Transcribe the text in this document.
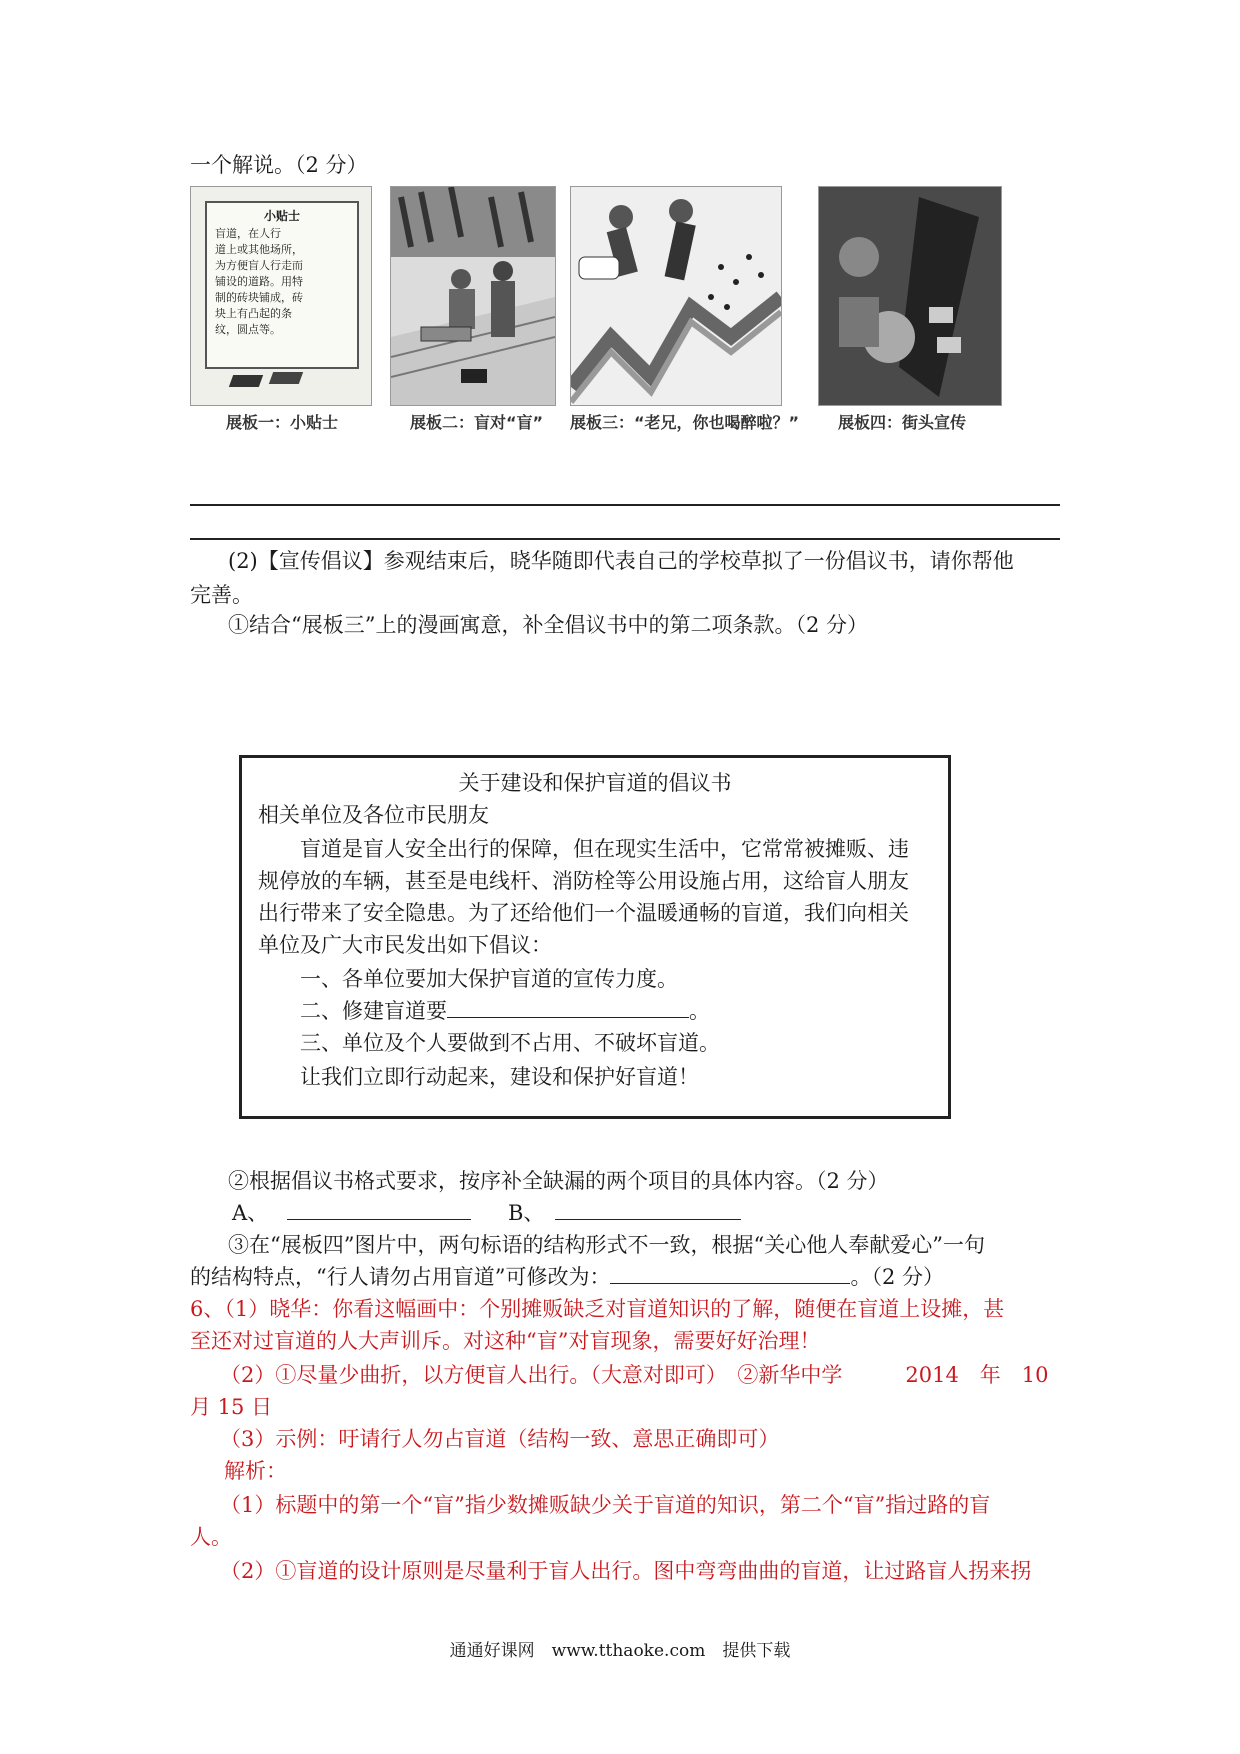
一个解说。（2 分）
小贴士
盲道，在人行
道上或其他场所，
为方便盲人行走而
铺设的道路。用特
制的砖块铺成，砖
块上有凸起的条
纹，圆点等。
展板一：小贴士	展板二：盲对“盲” 展板三：“老兄，你也喝醉啦？” 展板四：街头宣传
(2)【宣传倡议】参观结束后，晓华随即代表自己的学校草拟了一份倡议书，请你帮他
完善。
①结合“展板三”上的漫画寓意，补全倡议书中的第二项条款。（2 分）
关于建设和保护盲道的倡议书
相关单位及各位市民朋友
盲道是盲人安全出行的保障，但在现实生活中，它常常被摊贩、违
规停放的车辆，甚至是电线杆、消防栓等公用设施占用，这给盲人朋友
出行带来了安全隐患。为了还给他们一个温暖通畅的盲道，我们向相关
单位及广大市民发出如下倡议：
一、各单位要加大保护盲道的宣传力度。
二、修建盲道要	。
三、单位及个人要做到不占用、不破坏盲道。
让我们立即行动起来，建设和保护好盲道！
②根据倡议书格式要求，按序补全缺漏的两个项目的具体内容。（2 分）
A、	B、
③在“展板四”图片中，两句标语的结构形式不一致，根据“关心他人奉献爱心”一句
的结构特点，“行人请勿占用盲道”可修改为：	。（2 分）
6、（1）晓华：你看这幅画中：个别摊贩缺乏对盲道知识的了解，随便在盲道上设摊，甚
至还对过盲道的人大声训斥。对这种“盲”对盲现象，需要好好治理！
（2）①尽量少曲折，以方便盲人出行。（大意对即可）　②新华中学　　　2014　年　10
月 15 日
（3）示例：吁请行人勿占盲道（结构一致、意思正确即可）
解析：
（1）标题中的第一个“盲”指少数摊贩缺少关于盲道的知识，第二个“盲”指过路的盲
人。
（2）①盲道的设计原则是尽量利于盲人出行。图中弯弯曲曲的盲道，让过路盲人拐来拐
通通好课网　www.tthaoke.com　提供下载
